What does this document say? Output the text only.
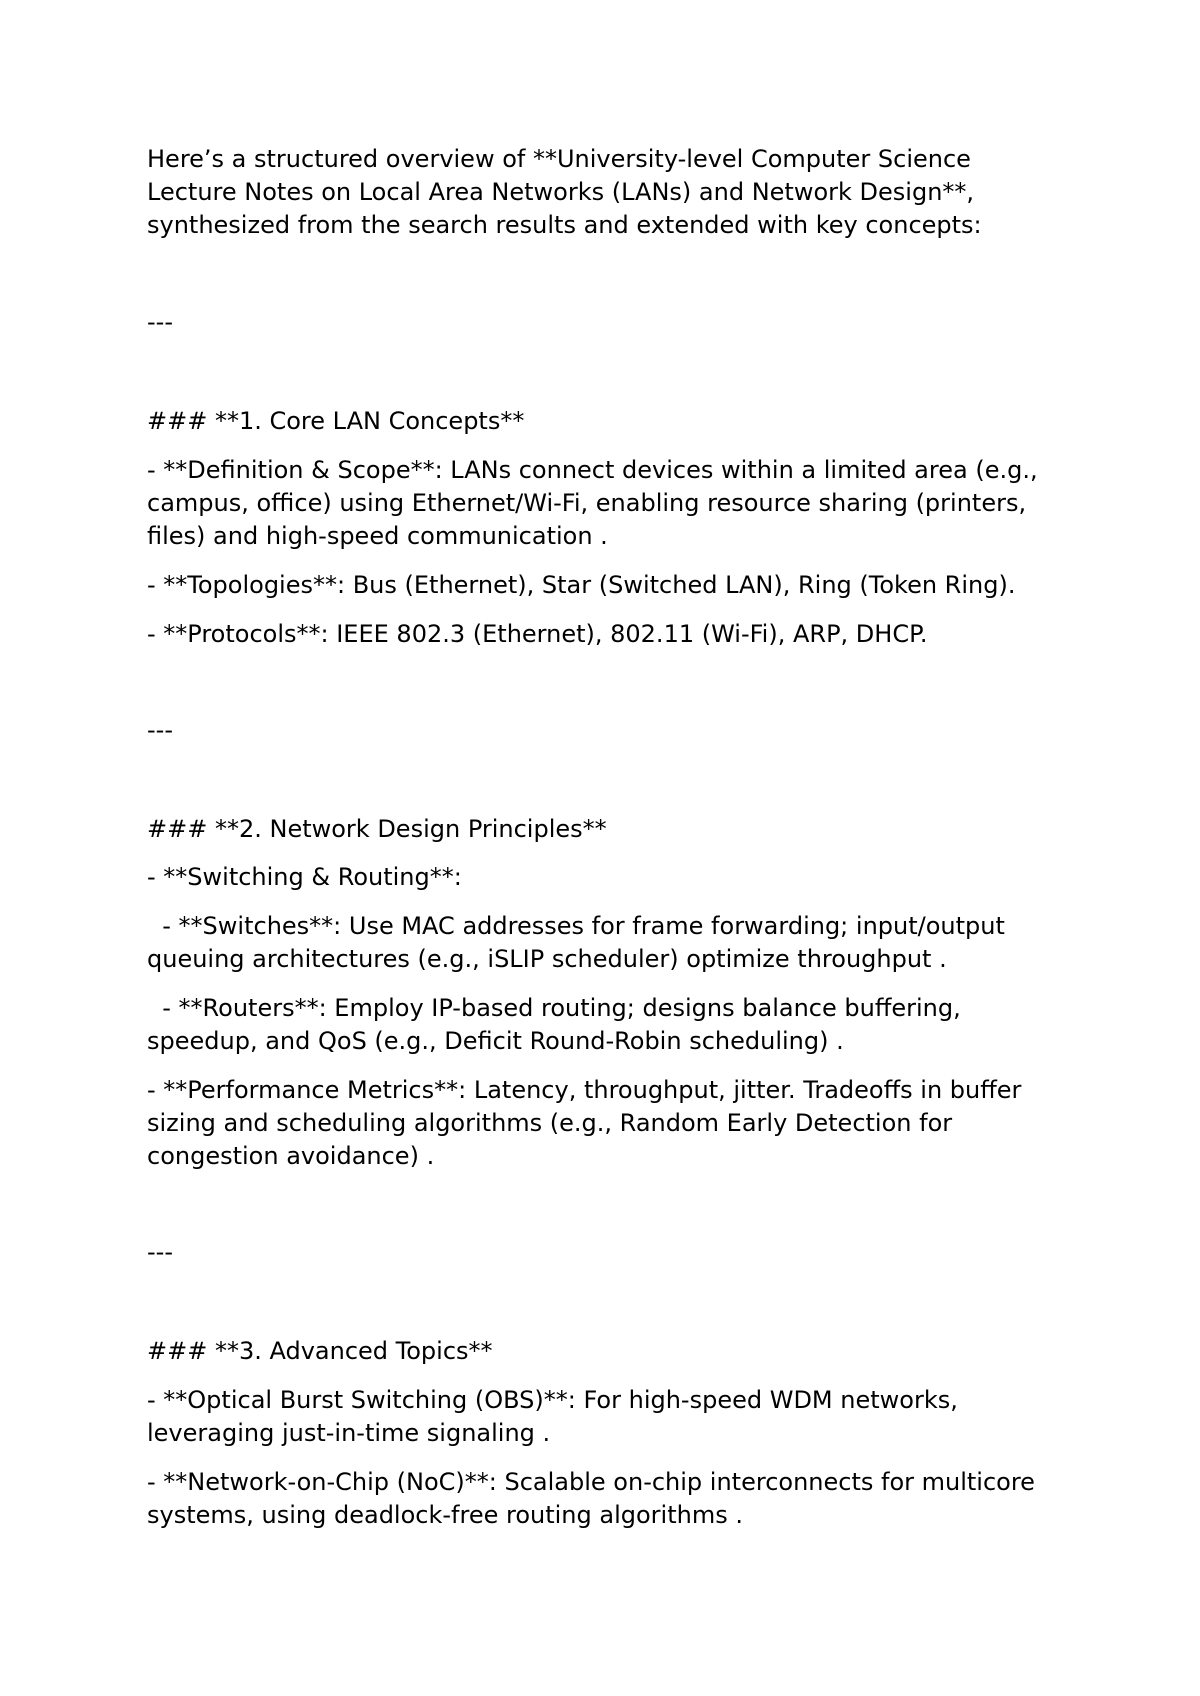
Here’s a structured overview of **University-level Computer Science
Lecture Notes on Local Area Networks (LANs) and Network Design**,
synthesized from the search results and extended with key concepts:

---

### **1. Core LAN Concepts**

- **Definition & Scope**: LANs connect devices within a limited area (e.g.,
campus, office) using Ethernet/Wi-Fi, enabling resource sharing (printers,
files) and high-speed communication .

- **Topologies**: Bus (Ethernet), Star (Switched LAN), Ring (Token Ring).

- **Protocols**: IEEE 802.3 (Ethernet), 802.11 (Wi-Fi), ARP, DHCP.

---

### **2. Network Design Principles**

- **Switching & Routing**:

- **Switches**: Use MAC addresses for frame forwarding; input/output
queuing architectures (e.g., iSLIP scheduler) optimize throughput .

- **Routers**: Employ IP-based routing; designs balance buffering,
speedup, and QoS (e.g., Deficit Round-Robin scheduling) .

- **Performance Metrics**: Latency, throughput, jitter. Tradeoffs in buffer
sizing and scheduling algorithms (e.g., Random Early Detection for
congestion avoidance) .

---

### **3. Advanced Topics**

- **Optical Burst Switching (OBS)**: For high-speed WDM networks,
leveraging just-in-time signaling .

- **Network-on-Chip (NoC)**: Scalable on-chip interconnects for multicore
systems, using deadlock-free routing algorithms .
